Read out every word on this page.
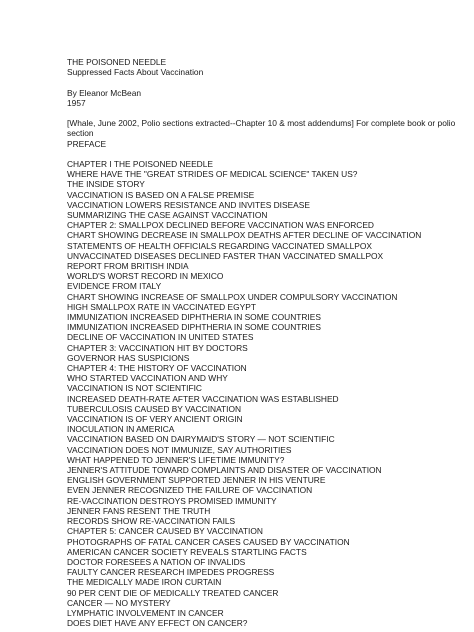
THE POISONED NEEDLE
Suppressed Facts About Vaccination
By Eleanor McBean
1957
[Whale, June 2002, Polio sections extracted--Chapter 10 & most addendums] For complete book or polio section
PREFACE
CHAPTER I THE POISONED NEEDLE
WHERE HAVE THE "GREAT STRIDES OF MEDICAL SCIENCE" TAKEN US?
THE INSIDE STORY
VACCINATION IS BASED ON A FALSE PREMISE
VACCINATION LOWERS RESISTANCE AND INVITES DISEASE
SUMMARIZING THE CASE AGAINST VACCINATION
CHAPTER 2: SMALLPOX DECLINED BEFORE VACCINATION WAS ENFORCED
CHART SHOWING DECREASE IN SMALLPOX DEATHS AFTER DECLINE OF VACCINATION
STATEMENTS OF HEALTH OFFICIALS REGARDING VACCINATED SMALLPOX
UNVACCINATED DISEASES DECLINED FASTER THAN VACCINATED SMALLPOX
REPORT FROM BRITISH INDIA
WORLD'S WORST RECORD IN MEXICO
EVIDENCE FROM ITALY
CHART SHOWING INCREASE OF SMALLPOX UNDER COMPULSORY VACCINATION
HIGH SMALLPOX RATE IN VACCINATED EGYPT
IMMUNIZATION INCREASED DIPHTHERIA IN SOME COUNTRIES
IMMUNIZATION INCREASED DIPHTHERIA IN SOME COUNTRIES
DECLINE OF VACCINATION IN UNITED STATES
CHAPTER 3: VACCINATION HIT BY DOCTORS
GOVERNOR HAS SUSPICIONS
CHAPTER 4: THE HISTORY OF VACCINATION
WHO STARTED VACCINATION AND WHY
VACCINATION IS NOT SCIENTIFIC
INCREASED DEATH-RATE AFTER VACCINATION WAS ESTABLISHED
TUBERCULOSIS CAUSED BY VACCINATION
VACCINATION IS OF VERY ANCIENT ORIGIN
INOCULATION IN AMERICA
VACCINATION BASED ON DAIRYMAID'S STORY — NOT SCIENTIFIC
VACCINATION DOES NOT IMMUNIZE, SAY AUTHORITIES
WHAT HAPPENED TO JENNER'S LIFETIME IMMUNITY?
JENNER'S ATTITUDE TOWARD COMPLAINTS AND DISASTER OF VACCINATION
ENGLISH GOVERNMENT SUPPORTED JENNER IN HIS VENTURE
EVEN JENNER RECOGNIZED THE FAILURE OF VACCINATION
RE-VACCINATION DESTROYS PROMISED IMMUNITY
JENNER FANS RESENT THE TRUTH
RECORDS SHOW RE-VACCINATION FAILS
CHAPTER 5: CANCER CAUSED BY VACCINATION
PHOTOGRAPHS OF FATAL CANCER CASES CAUSED BY VACCINATION
AMERICAN CANCER SOCIETY REVEALS STARTLING FACTS
DOCTOR FORESEES A NATION OF INVALIDS
FAULTY CANCER RESEARCH IMPEDES PROGRESS
THE MEDICALLY MADE IRON CURTAIN
90 PER CENT DIE OF MEDICALLY TREATED CANCER
CANCER — NO MYSTERY
LYMPHATIC INVOLVEMENT IN CANCER
DOES DIET HAVE ANY EFFECT ON CANCER?
